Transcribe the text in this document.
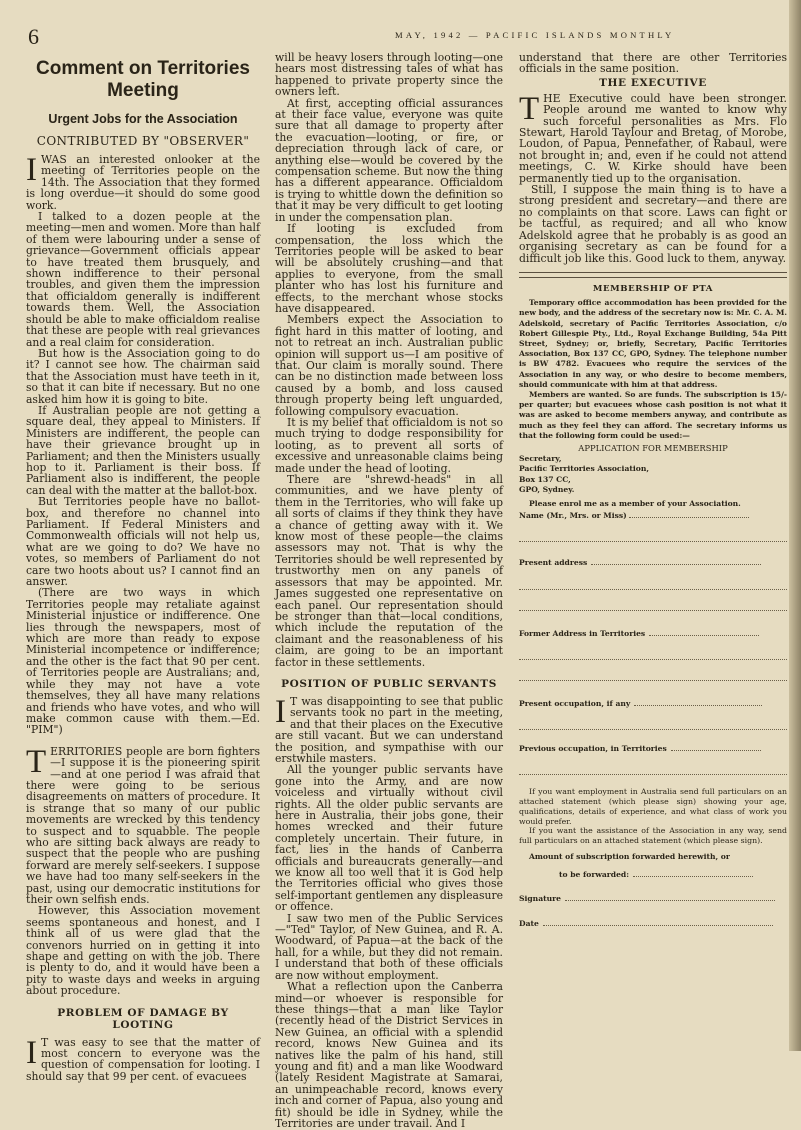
6	MAY, 1942 — PACIFIC ISLANDS MONTHLY
Comment on Territories Meeting
Urgent Jobs for the Association
CONTRIBUTED BY "OBSERVER"

I WAS an interested onlooker at the meeting of Territories people on the 14th. The Association that they formed is long overdue—it should do some good work.

I talked to a dozen people at the meeting—men and women. More than half of them were labouring under a sense of grievance—Government officials appear to have treated them brusquely, and shown indifference to their personal troubles, and given them the impression that officialdom generally is indifferent towards them. Well, the Association should be able to make officialdom realise that these are people with real grievances and a real claim for consideration.

But how is the Association going to do it? I cannot see how. The chairman said that the Association must have teeth in it, so that it can bite if necessary. But no one asked him how it is going to bite.

If Australian people are not getting a square deal, they appeal to Ministers. If Ministers are indifferent, the people can have their grievance brought up in Parliament; and then the Ministers usually hop to it. Parliament is their boss. If Parliament also is indifferent, the people can deal with the matter at the ballot-box.

But Territories people have no ballot-box, and therefore no channel into Parliament. If Federal Ministers and Commonwealth officials will not help us, what are we going to do? We have no votes, so members of Parliament do not care two hoots about us? I cannot find an answer.

(There are two ways in which Territories people may retaliate against Ministerial injustice or indifference. One lies through the newspapers, most of which are more than ready to expose Ministerial incompetence or indifference; and the other is the fact that 90 per cent. of Territories people are Australians; and, while they may not have a vote themselves, they all have many relations and friends who have votes, and who will make common cause with them.—Ed. "PIM")

TERRITORIES people are born fighters—I suppose it is the pioneering spirit—and at one period I was afraid that there were going to be serious disagreements on matters of procedure. It is strange that so many of our public movements are wrecked by this tendency to suspect and to squabble. The people who are sitting back always are ready to suspect that the people who are pushing forward are merely self-seekers. I suppose we have had too many self-seekers in the past, using our democratic institutions for their own selfish ends.

However, this Association movement seems spontaneous and honest, and I think all of us were glad that the convenors hurried on in getting it into shape and getting on with the job. There is plenty to do, and it would have been a pity to waste days and weeks in arguing about procedure.

PROBLEM OF DAMAGE BY LOOTING

I T was easy to see that the matter of most concern to everyone was the question of compensation for looting. I should say that 99 per cent. of evacuees

will be heavy losers through looting—one hears most distressing tales of what has happened to private property since the owners left.

At first, accepting official assurances at their face value, everyone was quite sure that all damage to property after the evacuation—looting, or fire, or depreciation through lack of care, or anything else—would be covered by the compensation scheme. But now the thing has a different appearance. Officialdom is trying to whittle down the definition so that it may be very difficult to get looting in under the compensation plan.

If looting is excluded from compensation, the loss which the Territories people will be asked to bear will be absolutely crushing—and that applies to everyone, from the small planter who has lost his furniture and effects, to the merchant whose stocks have disappeared.

Members expect the Association to fight hard in this matter of looting, and not to retreat an inch. Australian public opinion will support us—I am positive of that. Our claim is morally sound. There can be no distinction made between loss caused by a bomb, and loss caused through property being left unguarded, following compulsory evacuation.

It is my belief that officialdom is not so much trying to dodge responsibility for looting, as to prevent all sorts of excessive and unreasonable claims being made under the head of looting.

There are "shrewd-heads" in all communities, and we have plenty of them in the Territories, who will fake up all sorts of claims if they think they have a chance of getting away with it. We know most of these people—the claims assessors may not. That is why the Territories should be well represented by trustworthy men on any panels of assessors that may be appointed. Mr. James suggested one representative on each panel. Our representation should be stronger than that—local conditions, which include the reputation of the claimant and the reasonableness of his claim, are going to be an important factor in these settlements.

POSITION OF PUBLIC SERVANTS

I T was disappointing to see that public servants took no part in the meeting, and that their places on the Executive are still vacant. But we can understand the position, and sympathise with our erstwhile masters.

All the younger public servants have gone into the Army, and are now voiceless and virtually without civil rights. All the older public servants are here in Australia, their jobs gone, their homes wrecked and their future completely uncertain. Their future, in fact, lies in the hands of Canberra officials and bureaucrats generally—and we know all too well that it is God help the Territories official who gives those self-important gentlemen any displeasure or offence.

I saw two men of the Public Services—"Ted" Taylor, of New Guinea, and R. A. Woodward, of Papua—at the back of the hall, for a while, but they did not remain. I understand that both of these officials are now without employment.

What a reflection upon the Canberra mind—or whoever is responsible for these things—that a man like Taylor (recently head of the District Services in New Guinea, an official with a splendid record, knows New Guinea and its natives like the palm of his hand, still young and fit) and a man like Woodward (lately Resident Magistrate at Samarai, an unimpeachable record, knows every inch and corner of Papua, also young and fit) should be idle in Sydney, while the Territories are under travail. And I

understand that there are other Territories officials in the same position.

THE EXECUTIVE

THE Executive could have been stronger. People around me wanted to know why such forceful personalities as Mrs. Flo Stewart, Harold Taylour and Bretag, of Morobe, Loudon, of Papua, Pennefather, of Rabaul, were not brought in; and, even if he could not attend meetings, C. W. Kirke should have been permanently tied up to the organisation.

Still, I suppose the main thing is to have a strong president and secretary—and there are no complaints on that score. Laws can fight or be tactful, as required; and all who know Adelskold agree that he probably is as good an organising secretary as can be found for a difficult job like this. Good luck to them, anyway.

MEMBERSHIP OF PTA

Temporary office accommodation has been provided for the new body, and the address of the secretary now is: Mr. C. A. M. Adelskold, secretary of Pacific Territories Association, c/o Robert Gillespie Pty., Ltd., Royal Exchange Building, 54a Pitt Street, Sydney; or, briefly, Secretary, Pacific Territories Association, Box 137 CC, GPO, Sydney. The telephone number is BW 4782. Evacuees who require the services of the Association in any way, or who desire to become members, should communicate with him at that address.

Members are wanted. So are funds. The subscription is 15/- per quarter; but evacuees whose cash position is not what it was are asked to become members anyway, and contribute as much as they feel they can afford. The secretary informs us that the following form could be used:—

APPLICATION FOR MEMBERSHIP

Secretary,

Pacific Territories Association,

Box 137 CC,

GPO, Sydney.

Please enrol me as a member of your Association.

Name (Mr., Mrs. or Miss)
Present address
Former Address in Territories
Present occupation, if any
Previous occupation, in Territories

If you want employment in Australia send full particulars on an attached statement (which please sign) showing your age, qualifications, details of experience, and what class of work you would prefer.

If you want the assistance of the Association in any way, send full particulars on an attached statement (which please sign).

Amount of subscription forwarded herewith, or

to be forwarded:
Signature
Date
